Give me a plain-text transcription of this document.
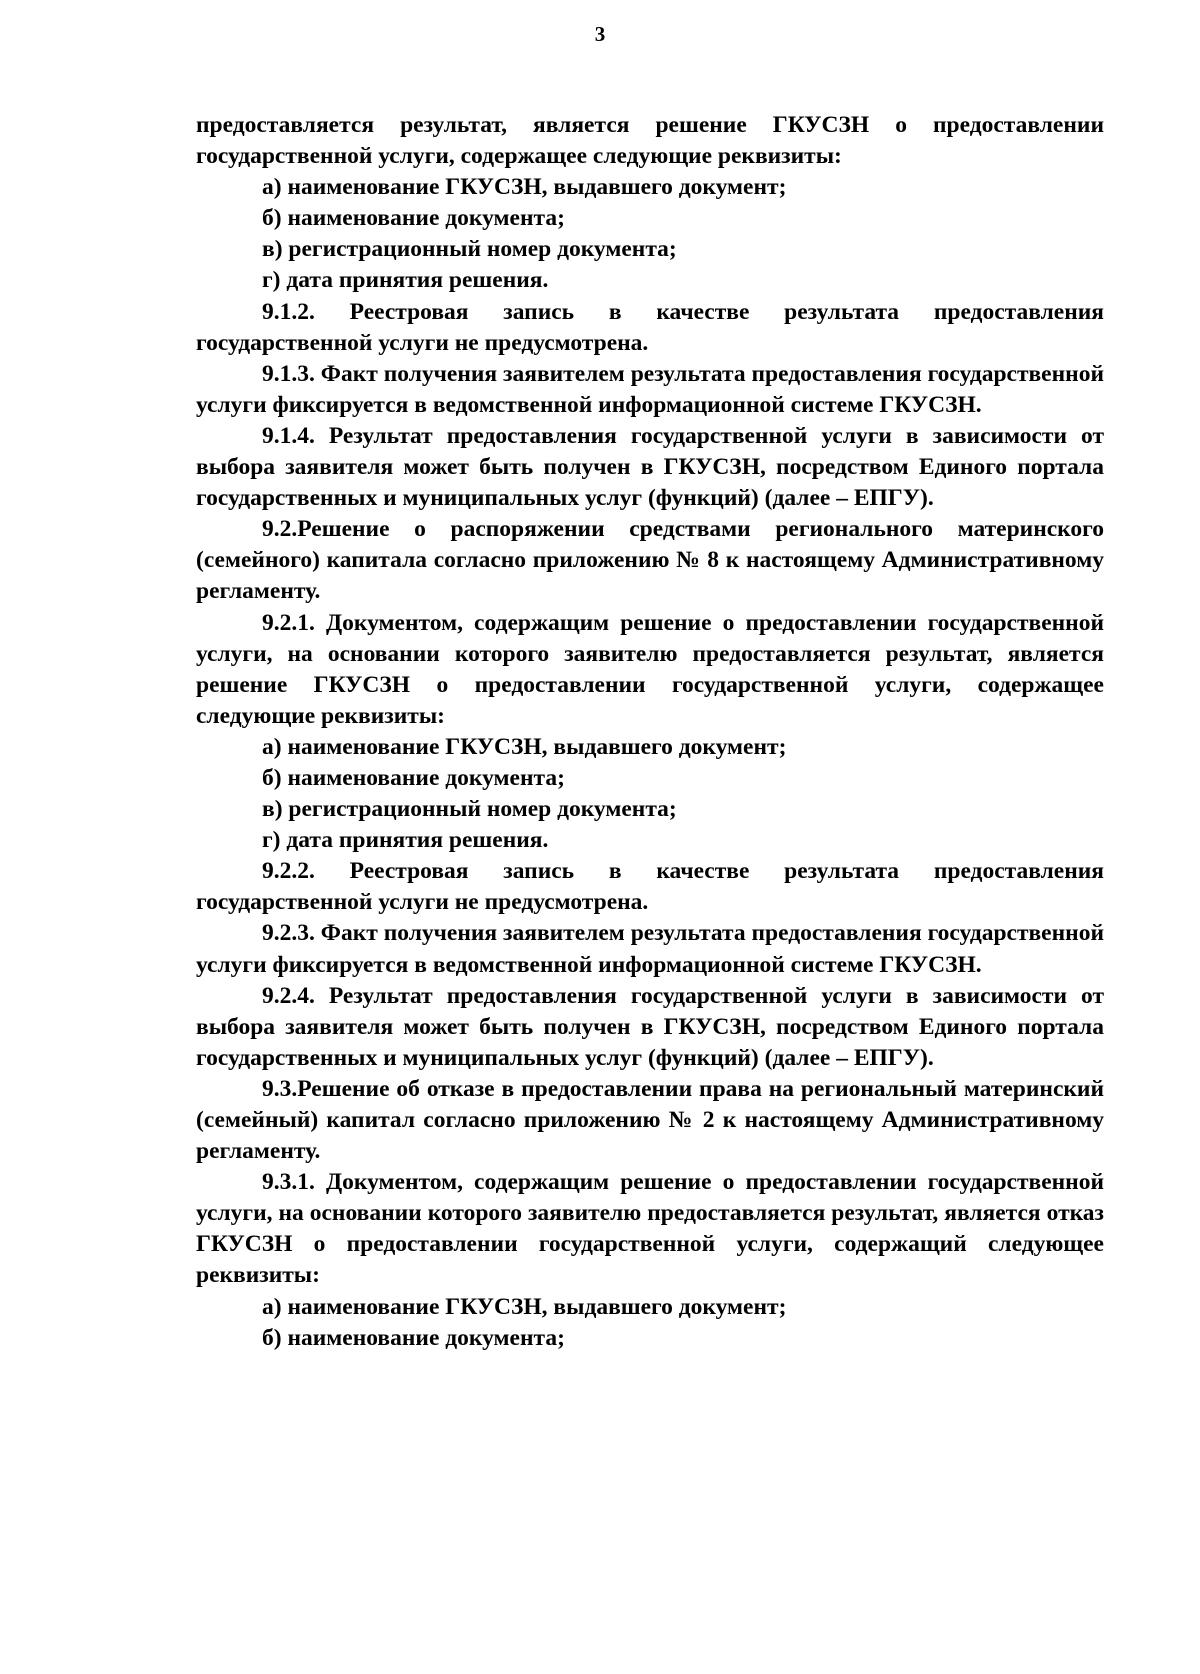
3

предоставляется результат, является решение ГКУСЗН о предоставлении государственной услуги, содержащее следующие реквизиты:

а) наименование ГКУСЗН, выдавшего документ;

б) наименование документа;

в) регистрационный номер документа;

г) дата принятия решения.

9.1.2. Реестровая запись в качестве результата предоставления государственной услуги не предусмотрена.

9.1.3. Факт получения заявителем результата предоставления государственной услуги фиксируется в ведомственной информационной системе ГКУСЗН.

9.1.4. Результат предоставления государственной услуги в зависимости от выбора заявителя может быть получен в ГКУСЗН, посредством Единого портала государственных и муниципальных услуг (функций) (далее – ЕПГУ).

9.2.Решение о распоряжении средствами регионального материнского (семейного) капитала согласно приложению № 8 к настоящему Административному регламенту.

9.2.1. Документом, содержащим решение о предоставлении государственной услуги, на основании которого заявителю предоставляется результат, является решение ГКУСЗН о предоставлении государственной услуги, содержащее следующие реквизиты:

а) наименование ГКУСЗН, выдавшего документ;

б) наименование документа;

в) регистрационный номер документа;

г) дата принятия решения.

9.2.2. Реестровая запись в качестве результата предоставления государственной услуги не предусмотрена.

9.2.3. Факт получения заявителем результата предоставления государственной услуги фиксируется в ведомственной информационной системе ГКУСЗН.

9.2.4. Результат предоставления государственной услуги в зависимости от выбора заявителя может быть получен в ГКУСЗН, посредством Единого портала государственных и муниципальных услуг (функций) (далее – ЕПГУ).

9.3.Решение об отказе в предоставлении права на региональный материнский (семейный) капитал согласно приложению № 2 к настоящему Административному регламенту.

9.3.1. Документом, содержащим решение о предоставлении государственной услуги, на основании которого заявителю предоставляется результат, является отказ ГКУСЗН о предоставлении государственной услуги, содержащий следующее реквизиты:

а) наименование ГКУСЗН, выдавшего документ;

б) наименование документа;
